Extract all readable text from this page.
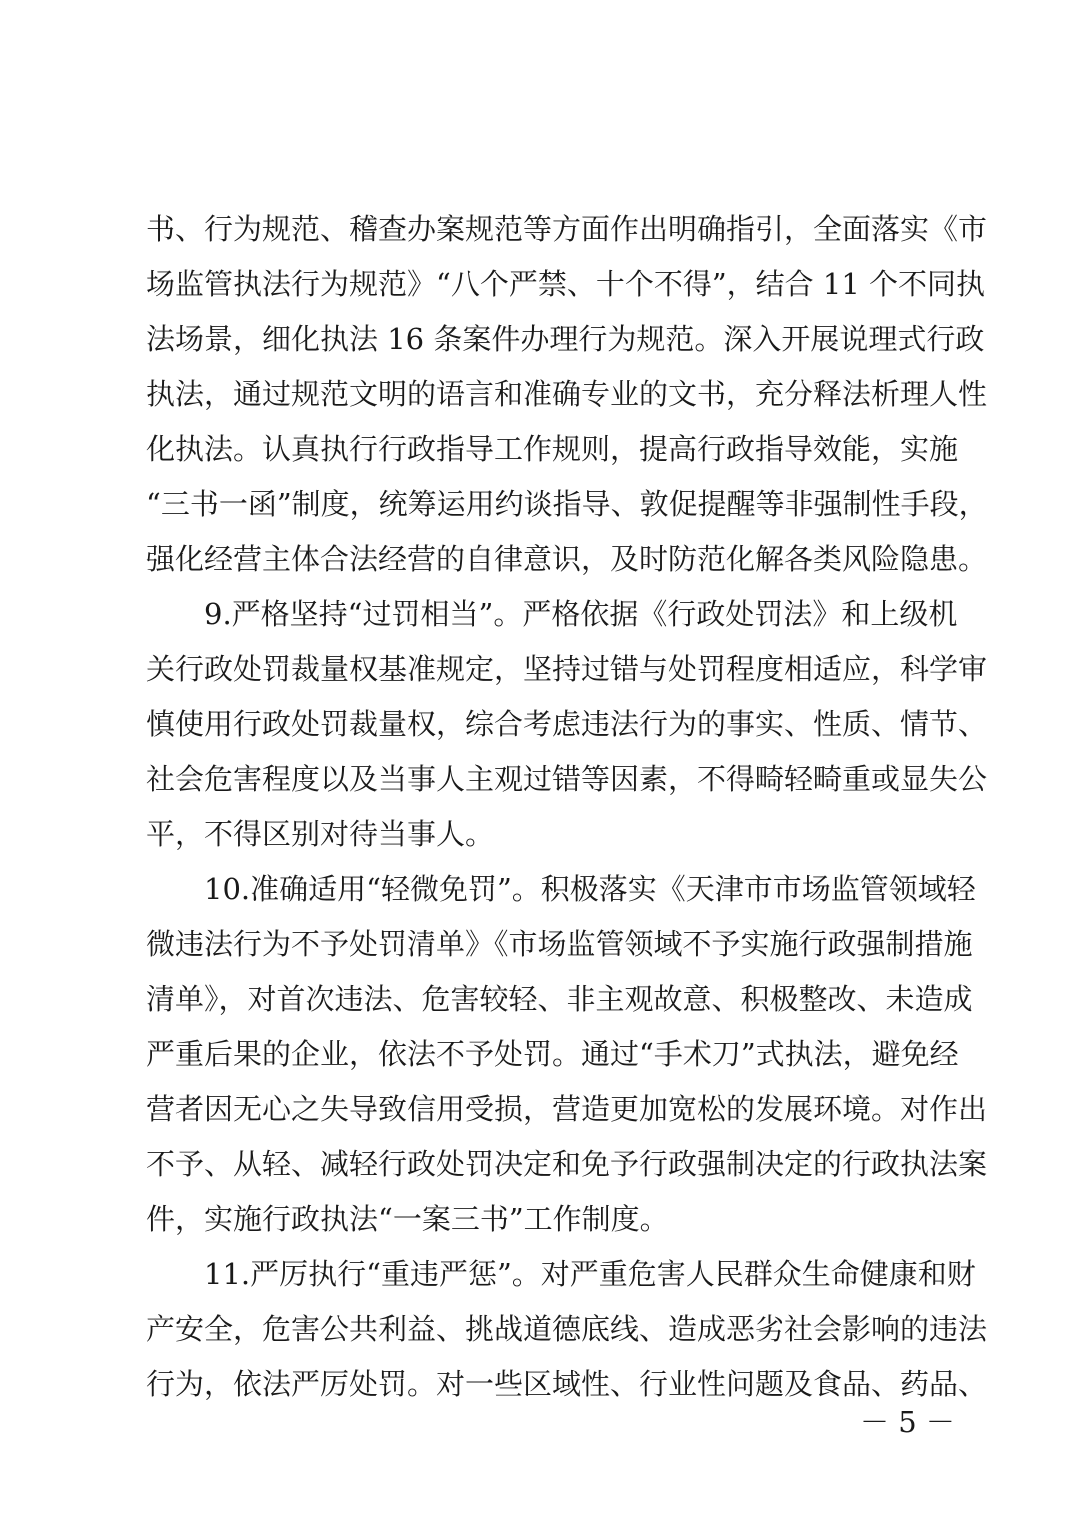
书、行为规范、稽查办案规范等方面作出明确指引，全面落实《市
场监管执法行为规范》“八个严禁、十个不得”，结合 11 个不同执
法场景，细化执法 16 条案件办理行为规范。深入开展说理式行政
执法，通过规范文明的语言和准确专业的文书，充分释法析理人性
化执法。认真执行行政指导工作规则，提高行政指导效能，实施
“三书一函”制度，统筹运用约谈指导、敦促提醒等非强制性手段，
强化经营主体合法经营的自律意识，及时防范化解各类风险隐患。
9.严格坚持“过罚相当”。严格依据《行政处罚法》和上级机
关行政处罚裁量权基准规定，坚持过错与处罚程度相适应，科学审
慎使用行政处罚裁量权，综合考虑违法行为的事实、性质、情节、
社会危害程度以及当事人主观过错等因素，不得畸轻畸重或显失公
平，不得区别对待当事人。
10.准确适用“轻微免罚”。积极落实《天津市市场监管领域轻
微违法行为不予处罚清单》《市场监管领域不予实施行政强制措施
清单》，对首次违法、危害较轻、非主观故意、积极整改、未造成
严重后果的企业，依法不予处罚。通过“手术刀”式执法，避免经
营者因无心之失导致信用受损，营造更加宽松的发展环境。对作出
不予、从轻、减轻行政处罚决定和免予行政强制决定的行政执法案
件，实施行政执法“一案三书”工作制度。
11.严厉执行“重违严惩”。对严重危害人民群众生命健康和财
产安全，危害公共利益、挑战道德底线、造成恶劣社会影响的违法
行为，依法严厉处罚。对一些区域性、行业性问题及食品、药品、
－ 5 －
